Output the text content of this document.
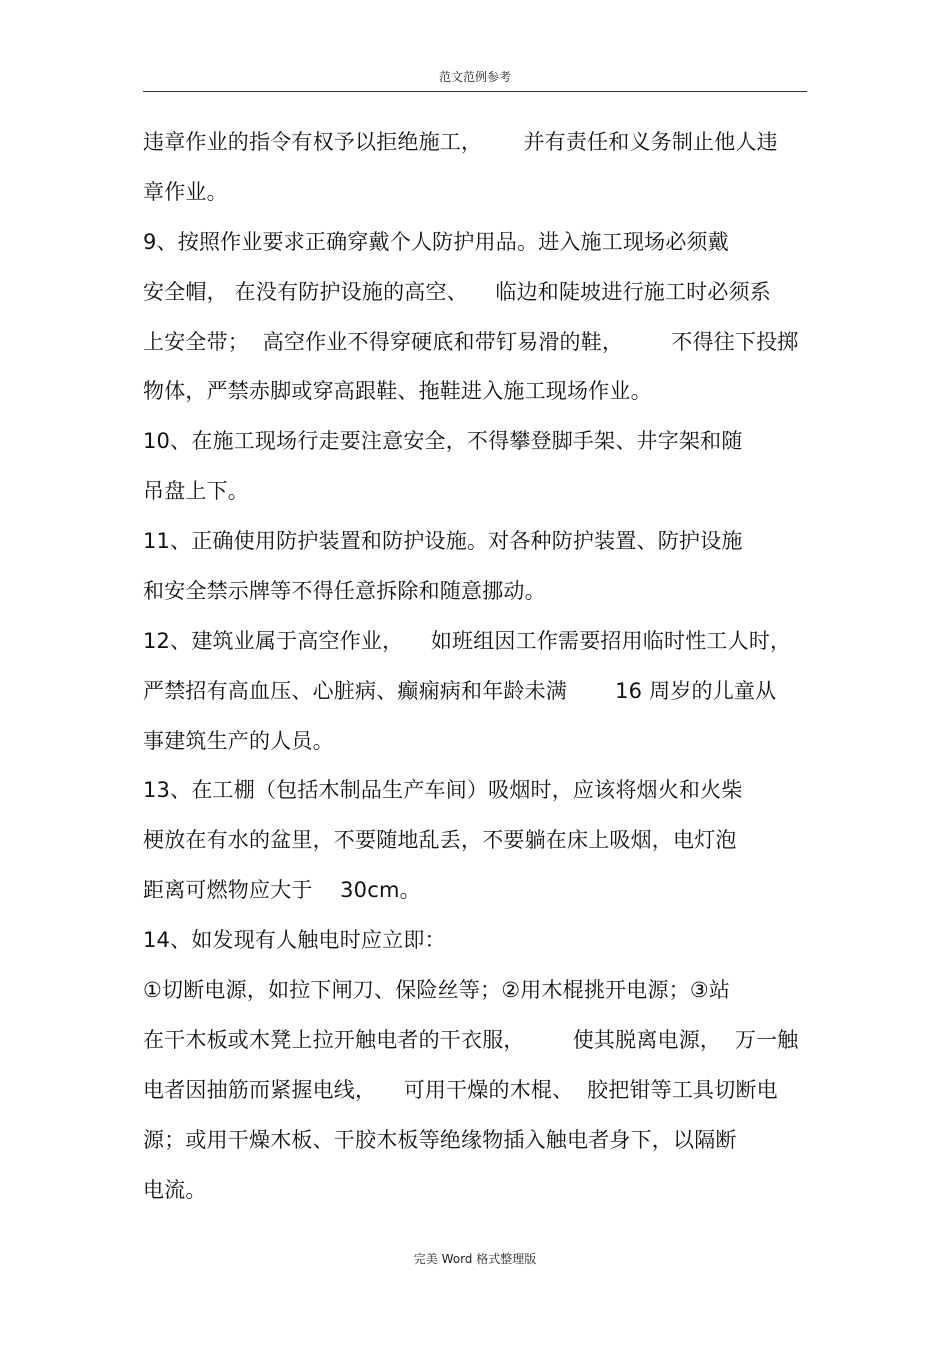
范文范例参考
违章作业的指令有权予以拒绝施工，      并有责任和义务制止他人违
章作业。
9、按照作业要求正确穿戴个人防护用品。进入施工现场必须戴
安全帽， 在没有防护设施的高空、    临边和陡坡进行施工时必须系
上安全带；  高空作业不得穿硬底和带钉易滑的鞋，       不得往下投掷
物体，严禁赤脚或穿高跟鞋、拖鞋进入施工现场作业。
10、在施工现场行走要注意安全，不得攀登脚手架、井字架和随
吊盘上下。
11、正确使用防护装置和防护设施。对各种防护装置、防护设施
和安全禁示牌等不得任意拆除和随意挪动。
12、建筑业属于高空作业，    如班组因工作需要招用临时性工人时，
严禁招有高血压、心脏病、癫痫病和年龄未满       16 周岁的儿童从
事建筑生产的人员。
13、在工棚（包括木制品生产车间）吸烟时，应该将烟火和火柴
梗放在有水的盆里，不要随地乱丢，不要躺在床上吸烟，电灯泡
距离可燃物应大于    30cm。
14、如发现有人触电时应立即：
①切断电源，如拉下闸刀、保险丝等；②用木棍挑开电源；③站
在干木板或木凳上拉开触电者的干衣服，       使其脱离电源，  万一触
电者因抽筋而紧握电线，    可用干燥的木棍、  胶把钳等工具切断电
源；或用干燥木板、干胶木板等绝缘物插入触电者身下，以隔断
电流。
完美 Word 格式整理版
